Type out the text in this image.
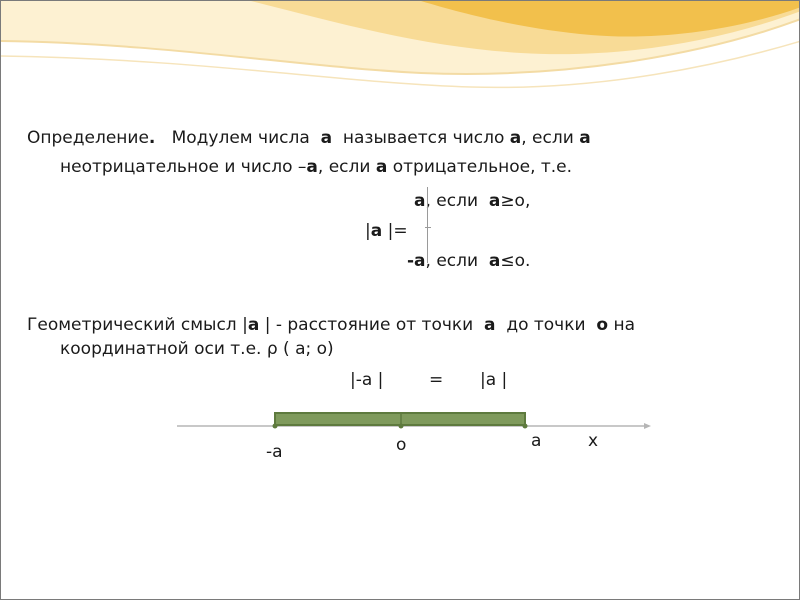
Определение. Модулем числа а называется число а, если а
неотрицательное и число –а, если а отрицательное, т.е.
а, если а≥о,
|а |=
-а, если а≤о.
Геометрический смысл |а | - расстояние от точки а до точки о на
координатной оси т.е. ρ ( а; о)
|-а |	= |а |
-а	о	а	х
